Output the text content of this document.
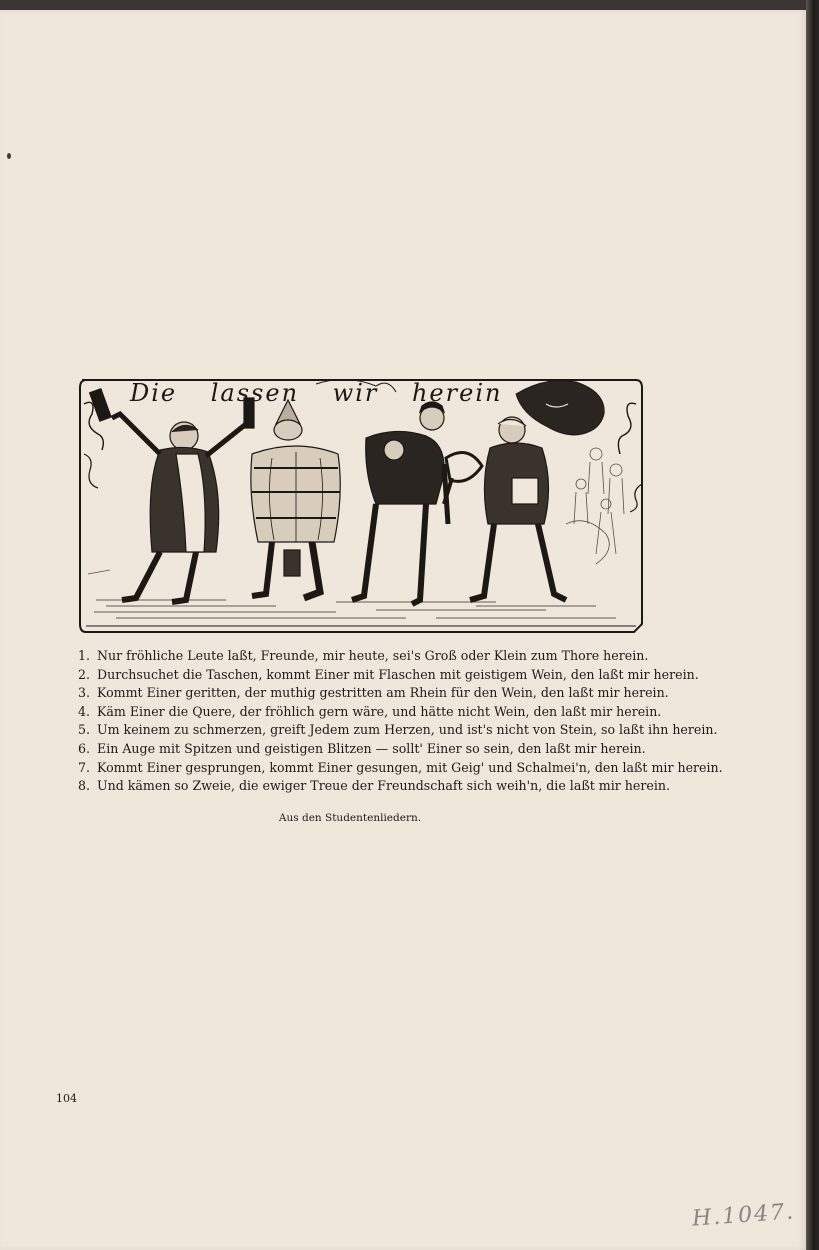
Die lassen wir herein
1. Nur fröhliche Leute laßt, Freunde, mir heute, sei's Groß oder Klein zum Thore herein.
2. Durchsuchet die Taschen, kommt Einer mit Flaschen mit geistigem Wein, den laßt mir herein.
3. Kommt Einer geritten, der muthig gestritten am Rhein für den Wein, den laßt mir herein.
4. Käm Einer die Quere, der fröhlich gern wäre, und hätte nicht Wein, den laßt mir herein.
5. Um keinem zu schmerzen, greift Jedem zum Herzen, und ist's nicht von Stein, so laßt ihn herein.
6. Ein Auge mit Spitzen und geistigen Blitzen — sollt' Einer so sein, den laßt mir herein.
7. Kommt Einer gesprungen, kommt Einer gesungen, mit Geig' und Schalmei'n, den laßt mir herein.
8. Und kämen so Zweie, die ewiger Treue der Freundschaft sich weih'n, die laßt mir herein.
Aus den Studentenliedern.
104
H.1047.
